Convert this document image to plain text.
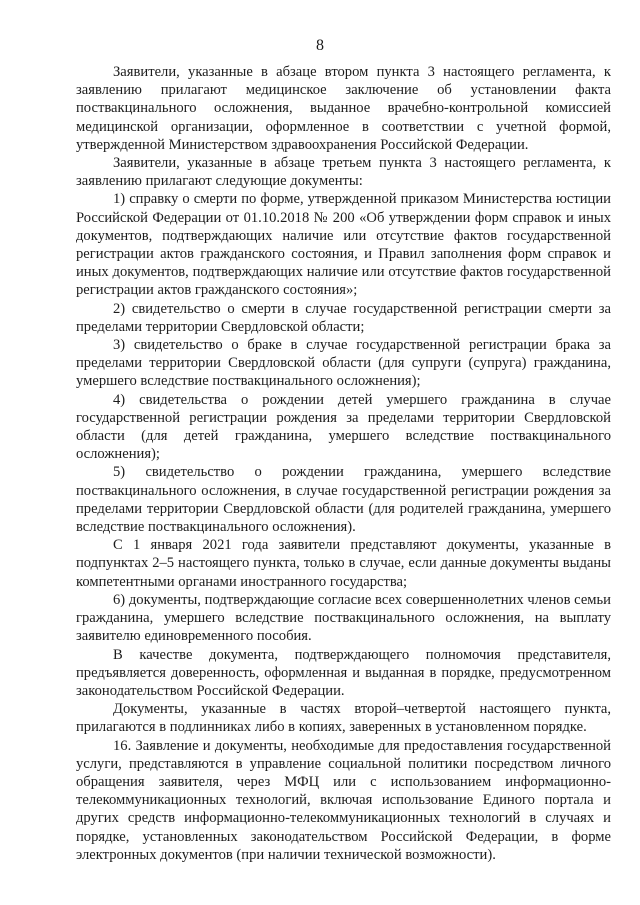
8

Заявители, указанные в абзаце втором пункта 3 настоящего регламента, к заявлению прилагают медицинское заключение об установлении факта поствакцинального осложнения, выданное врачебно-контрольной комиссией медицинской организации, оформленное в соответствии с учетной формой, утвержденной Министерством здравоохранения Российской Федерации.

Заявители, указанные в абзаце третьем пункта 3 настоящего регламента, к заявлению прилагают следующие документы:

1) справку о смерти по форме, утвержденной приказом Министерства юстиции Российской Федерации от 01.10.2018 № 200 «Об утверждении форм справок и иных документов, подтверждающих наличие или отсутствие фактов государственной регистрации актов гражданского состояния, и Правил заполнения форм справок и иных документов, подтверждающих наличие или отсутствие фактов государственной регистрации актов гражданского состояния»;

2) свидетельство о смерти в случае государственной регистрации смерти за пределами территории Свердловской области;

3) свидетельство о браке в случае государственной регистрации брака за пределами территории Свердловской области (для супруги (супруга) гражданина, умершего вследствие поствакцинального осложнения);

4) свидетельства о рождении детей умершего гражданина в случае государственной регистрации рождения за пределами территории Свердловской области (для детей гражданина, умершего вследствие поствакцинального осложнения);

5) свидетельство о рождении гражданина, умершего вследствие поствакцинального осложнения, в случае государственной регистрации рождения за пределами территории Свердловской области (для родителей гражданина, умершего вследствие поствакцинального осложнения).

С 1 января 2021 года заявители представляют документы, указанные в подпунктах 2–5 настоящего пункта, только в случае, если данные документы выданы компетентными органами иностранного государства;

6) документы, подтверждающие согласие всех совершеннолетних членов семьи гражданина, умершего вследствие поствакцинального осложнения, на выплату заявителю единовременного пособия.

В качестве документа, подтверждающего полномочия представителя, предъявляется доверенность, оформленная и выданная в порядке, предусмотренном законодательством Российской Федерации.

Документы, указанные в частях второй–четвертой настоящего пункта, прилагаются в подлинниках либо в копиях, заверенных в установленном порядке.

16. Заявление и документы, необходимые для предоставления государственной услуги, представляются в управление социальной политики посредством личного обращения заявителя, через МФЦ или с использованием информационно-телекоммуникационных технологий, включая использование Единого портала и других средств информационно-телекоммуникационных технологий в случаях и порядке, установленных законодательством Российской Федерации, в форме электронных документов (при наличии технической возможности).
